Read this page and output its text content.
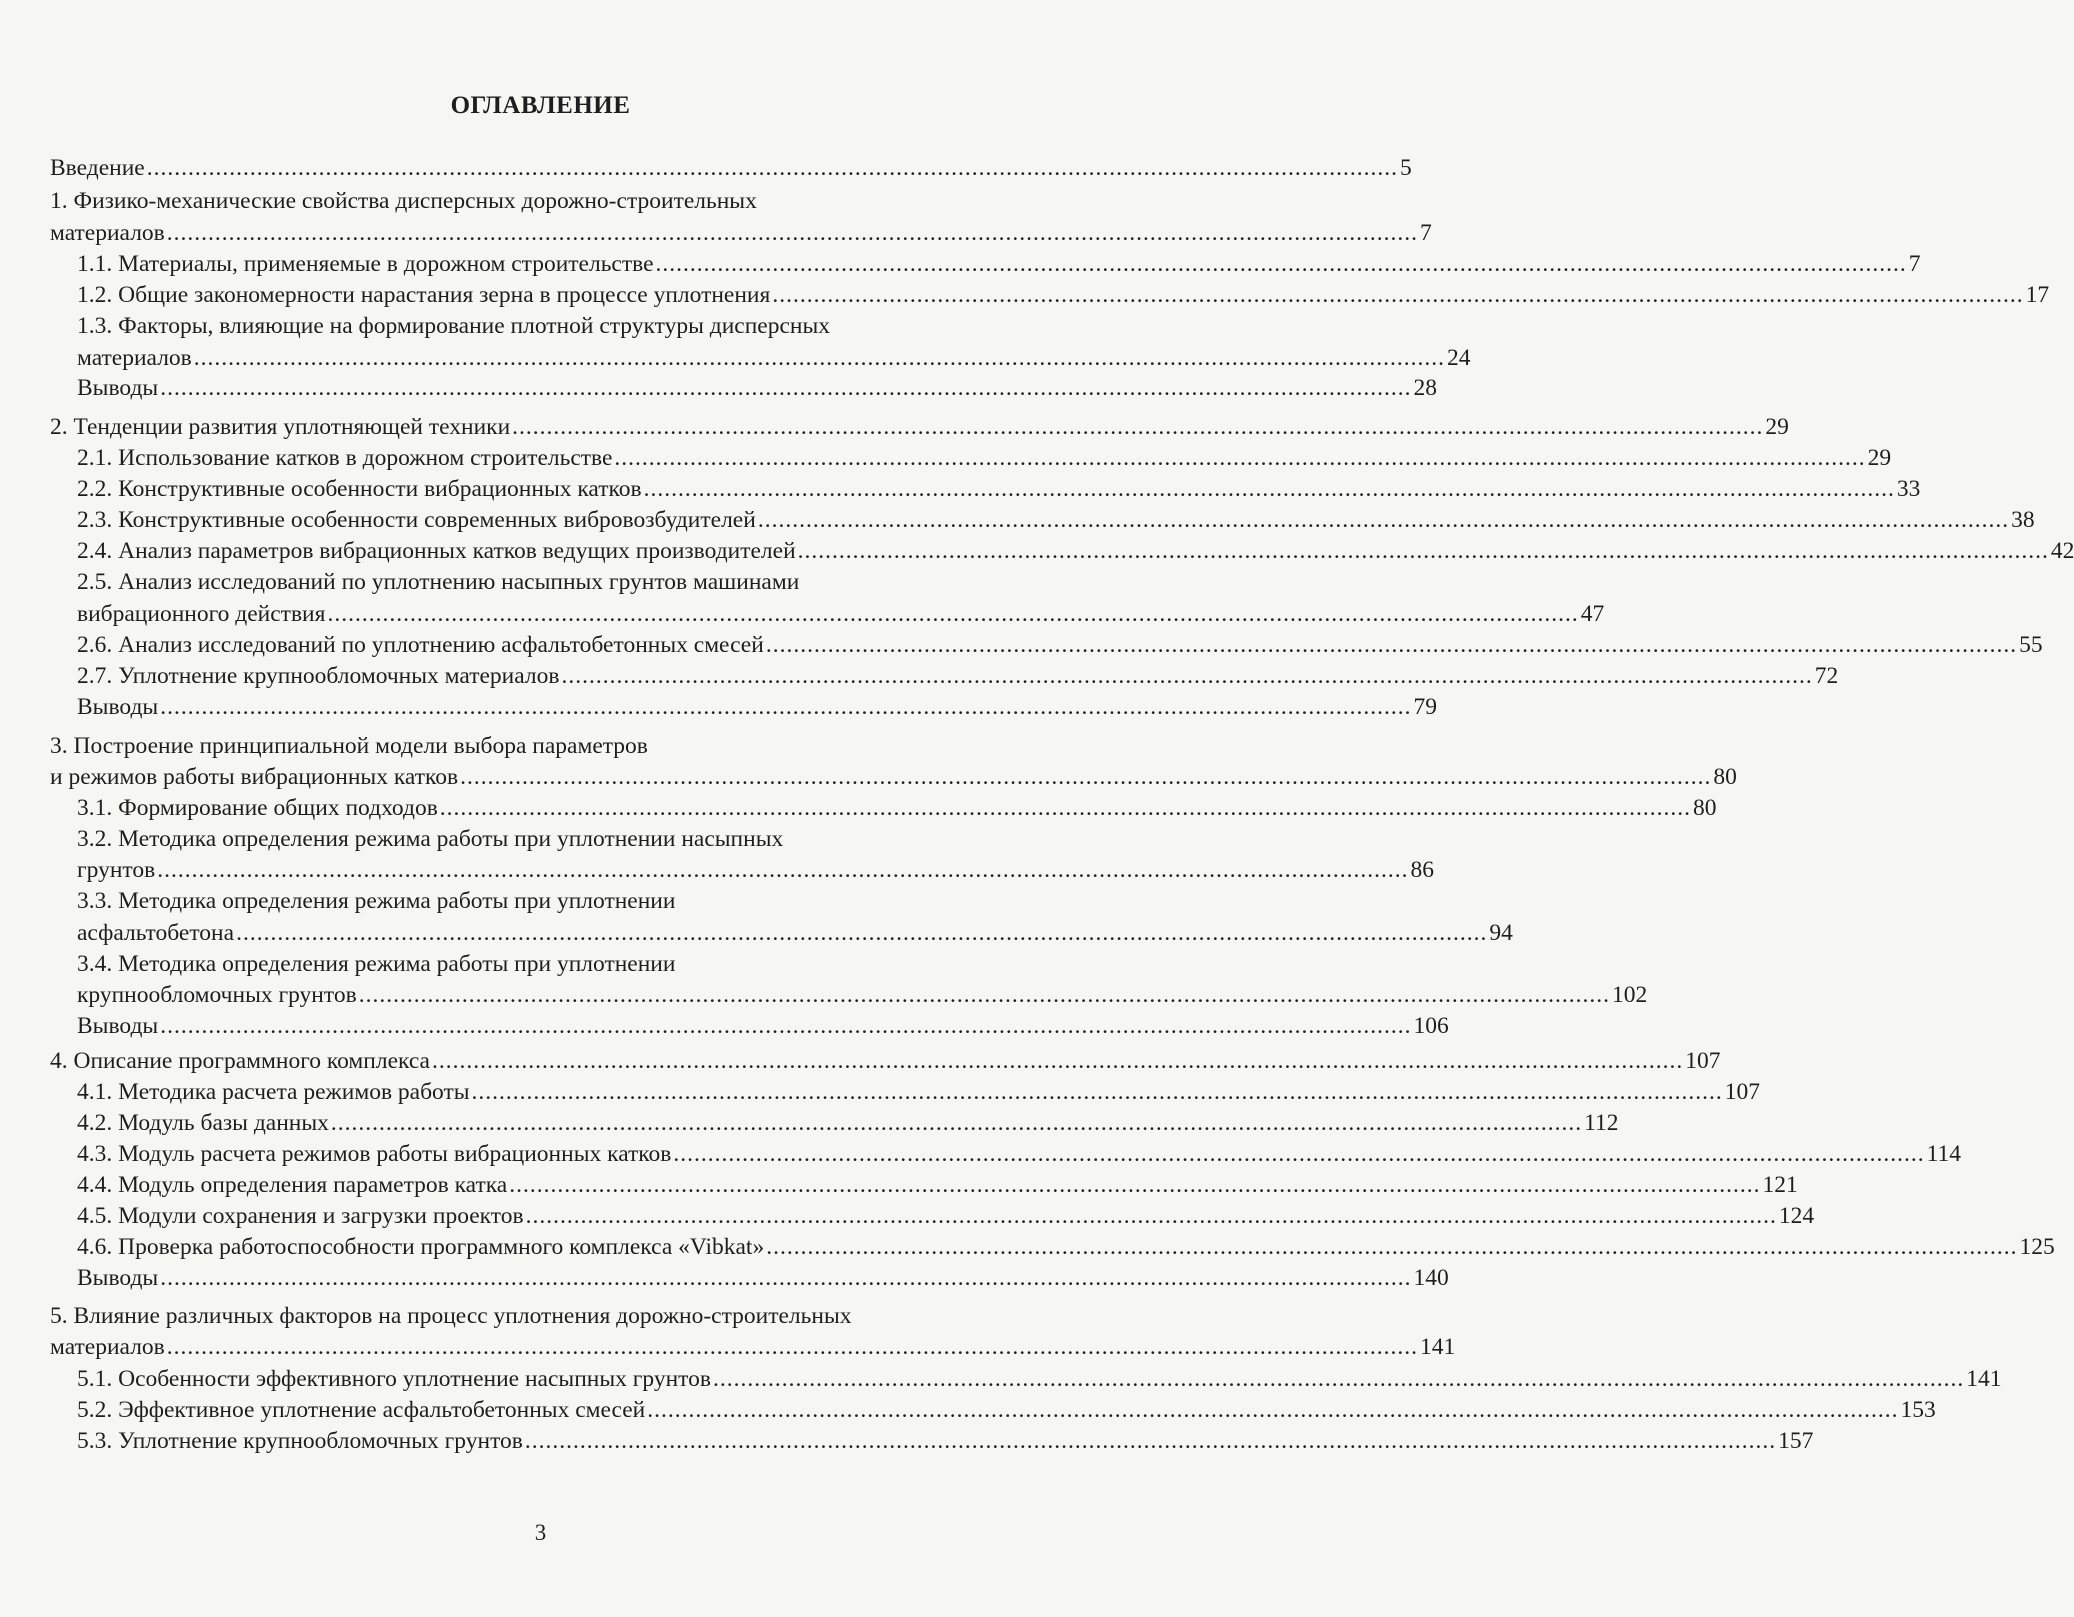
ОГЛАВЛЕНИЕ
Введение ...................................................................................................................................................................................... 5
1. Физико-механические свойства дисперсных дорожно-строительных
материалов ...................................................................................................................................................................................... 7
1.1. Материалы, применяемые в дорожном строительстве ...................................................................................................................................................................................... 7
1.2. Общие закономерности нарастания зерна в процессе уплотнения ...................................................................................................................................................................................... 17
1.3. Факторы, влияющие на формирование плотной структуры дисперсных
материалов ...................................................................................................................................................................................... 24
Выводы ...................................................................................................................................................................................... 28
2. Тенденции развития уплотняющей техники ...................................................................................................................................................................................... 29
2.1. Использование катков в дорожном строительстве ...................................................................................................................................................................................... 29
2.2. Конструктивные особенности вибрационных катков ...................................................................................................................................................................................... 33
2.3. Конструктивные особенности современных вибровозбудителей ...................................................................................................................................................................................... 38
2.4. Анализ параметров вибрационных катков ведущих производителей ...................................................................................................................................................................................... 42
2.5. Анализ исследований по уплотнению насыпных грунтов машинами
вибрационного действия ...................................................................................................................................................................................... 47
2.6. Анализ исследований по уплотнению асфальтобетонных смесей ...................................................................................................................................................................................... 55
2.7. Уплотнение крупнообломочных материалов ...................................................................................................................................................................................... 72
Выводы ...................................................................................................................................................................................... 79
3. Построение принципиальной модели выбора параметров
и режимов работы вибрационных катков ...................................................................................................................................................................................... 80
3.1. Формирование общих подходов ...................................................................................................................................................................................... 80
3.2. Методика определения режима работы при уплотнении насыпных
грунтов ...................................................................................................................................................................................... 86
3.3. Методика определения режима работы при уплотнении
асфальтобетона ...................................................................................................................................................................................... 94
3.4. Методика определения режима работы при уплотнении
крупнообломочных грунтов ...................................................................................................................................................................................... 102
Выводы ...................................................................................................................................................................................... 106
4. Описание программного комплекса ...................................................................................................................................................................................... 107
4.1. Методика расчета режимов работы ...................................................................................................................................................................................... 107
4.2. Модуль базы данных ...................................................................................................................................................................................... 112
4.3. Модуль расчета режимов работы вибрационных катков ...................................................................................................................................................................................... 114
4.4. Модуль определения параметров катка ...................................................................................................................................................................................... 121
4.5. Модули сохранения и загрузки проектов ...................................................................................................................................................................................... 124
4.6. Проверка работоспособности программного комплекса «Vibkat» ...................................................................................................................................................................................... 125
Выводы ...................................................................................................................................................................................... 140
5. Влияние различных факторов на процесс уплотнения дорожно-строительных
материалов ...................................................................................................................................................................................... 141
5.1. Особенности эффективного уплотнение насыпных грунтов ...................................................................................................................................................................................... 141
5.2. Эффективное уплотнение асфальтобетонных смесей ...................................................................................................................................................................................... 153
5.3. Уплотнение крупнообломочных грунтов ...................................................................................................................................................................................... 157
3
